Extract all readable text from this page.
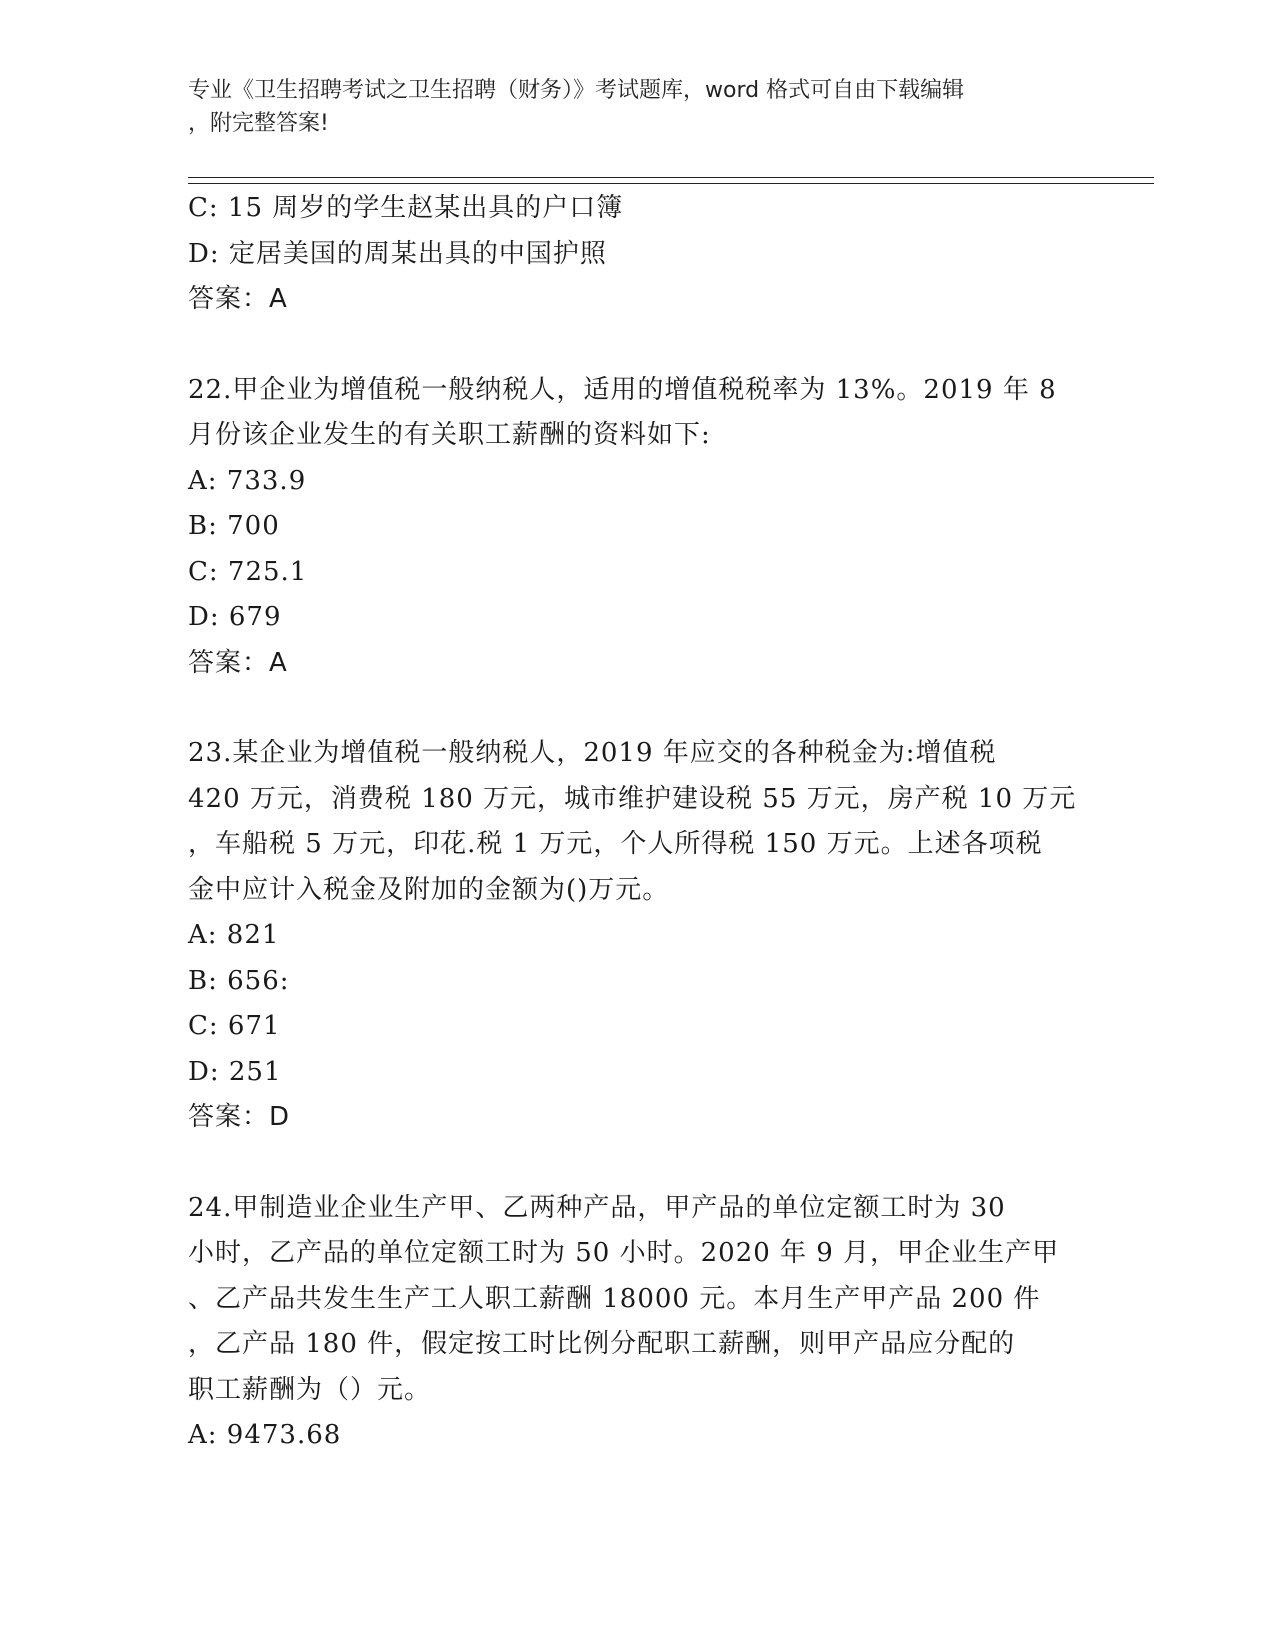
专业《卫生招聘考试之卫生招聘（财务）》考试题库，word 格式可自由下载编辑
，附完整答案!
C: 15 周岁的学生赵某出具的户口簿
D: 定居美国的周某出具的中国护照
答案：A
22.甲企业为增值税一般纳税人，适用的增值税税率为 13%。2019 年 8
月份该企业发生的有关职工薪酬的资料如下:
A: 733.9
B: 700
C: 725.1
D: 679
答案：A
23.某企业为增值税一般纳税人，2019 年应交的各种税金为:增值税
420 万元，消费税 180 万元，城市维护建设税 55 万元，房产税 10 万元
，车船税 5 万元，印花.税 1 万元，个人所得税 150 万元。上述各项税
金中应计入税金及附加的金额为()万元。
A: 821
B: 656:
C: 671
D: 251
答案：D
24.甲制造业企业生产甲、乙两种产品，甲产品的单位定额工时为 30
小时，乙产品的单位定额工时为 50 小时。2020 年 9 月，甲企业生产甲
、乙产品共发生生产工人职工薪酬 18000 元。本月生产甲产品 200 件
，乙产品 180 件，假定按工时比例分配职工薪酬，则甲产品应分配的
职工薪酬为（）元。
A: 9473.68
